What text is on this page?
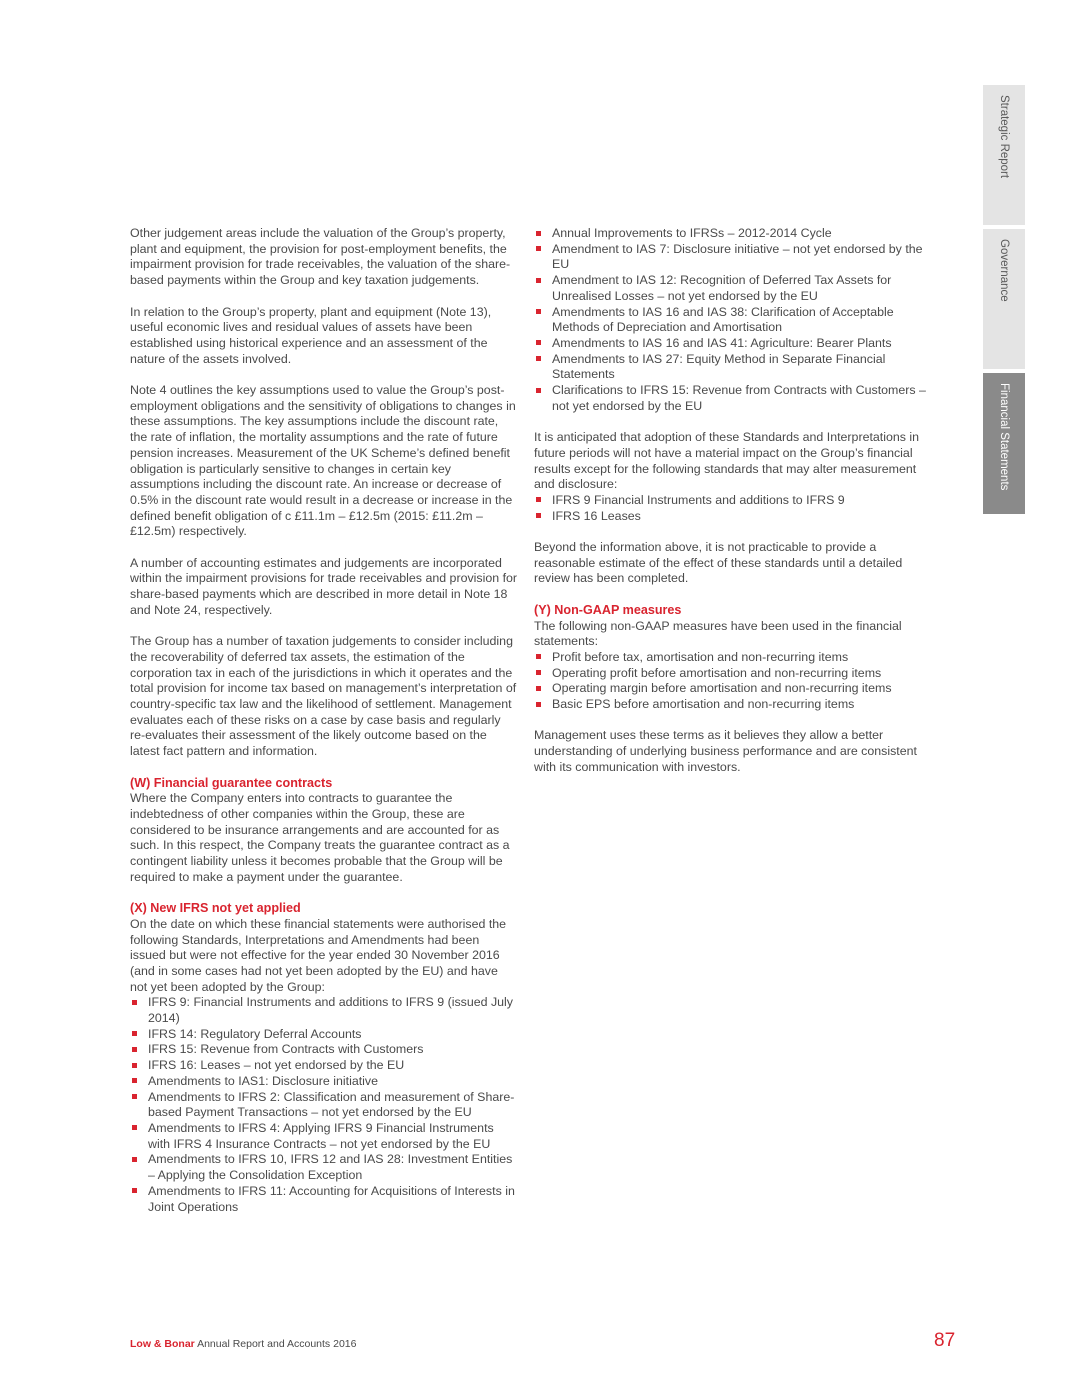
Strategic Report
Governance
Financial Statements

Other judgement areas include the valuation of the Group’s property, plant and equipment, the provision for post-employment benefits, the impairment provision for trade receivables, the valuation of the share-based payments within the Group and key taxation judgements.

In relation to the Group’s property, plant and equipment (Note 13), useful economic lives and residual values of assets have been established using historical experience and an assessment of the nature of the assets involved.

Note 4 outlines the key assumptions used to value the Group’s post-employment obligations and the sensitivity of obligations to changes in these assumptions. The key assumptions include the discount rate, the rate of inflation, the mortality assumptions and the rate of future pension increases. Measurement of the UK Scheme’s defined benefit obligation is particularly sensitive to changes in certain key assumptions including the discount rate. An increase or decrease of 0.5% in the discount rate would result in a decrease or increase in the defined benefit obligation of c £11.1m – £12.5m (2015: £11.2m – £12.5m) respectively.

A number of accounting estimates and judgements are incorporated within the impairment provisions for trade receivables and provision for share-based payments which are described in more detail in Note 18 and Note 24, respectively.

The Group has a number of taxation judgements to consider including the recoverability of deferred tax assets, the estimation of the corporation tax in each of the jurisdictions in which it operates and the total provision for income tax based on management’s interpretation of country-specific tax law and the likelihood of settlement. Management evaluates each of these risks on a case by case basis and regularly re-evaluates their assessment of the likely outcome based on the latest fact pattern and information.

(W) Financial guarantee contracts

Where the Company enters into contracts to guarantee the indebtedness of other companies within the Group, these are considered to be insurance arrangements and are accounted for as such. In this respect, the Company treats the guarantee contract as a contingent liability unless it becomes probable that the Group will be required to make a payment under the guarantee.

(X) New IFRS not yet applied

On the date on which these financial statements were authorised the following Standards, Interpretations and Amendments had been issued but were not effective for the year ended 30 November 2016 (and in some cases had not yet been adopted by the EU) and have not yet been adopted by the Group:

IFRS 9: Financial Instruments and additions to IFRS 9 (issued July 2014)
IFRS 14: Regulatory Deferral Accounts
IFRS 15: Revenue from Contracts with Customers
IFRS 16: Leases – not yet endorsed by the EU
Amendments to IAS1: Disclosure initiative
Amendments to IFRS 2: Classification and measurement of Share-based Payment Transactions – not yet endorsed by the EU
Amendments to IFRS 4: Applying IFRS 9 Financial Instruments with IFRS 4 Insurance Contracts – not yet endorsed by the EU
Amendments to IFRS 10, IFRS 12 and IAS 28: Investment Entities – Applying the Consolidation Exception
Amendments to IFRS 11: Accounting for Acquisitions of Interests in Joint Operations
Annual Improvements to IFRSs – 2012-2014 Cycle
Amendment to IAS 7: Disclosure initiative – not yet endorsed by the EU
Amendment to IAS 12: Recognition of Deferred Tax Assets for Unrealised Losses – not yet endorsed by the EU
Amendments to IAS 16 and IAS 38: Clarification of Acceptable Methods of Depreciation and Amortisation
Amendments to IAS 16 and IAS 41: Agriculture: Bearer Plants
Amendments to IAS 27: Equity Method in Separate Financial Statements
Clarifications to IFRS 15: Revenue from Contracts with Customers – not yet endorsed by the EU

It is anticipated that adoption of these Standards and Interpretations in future periods will not have a material impact on the Group’s financial results except for the following standards that may alter measurement and disclosure:

IFRS 9 Financial Instruments and additions to IFRS 9
IFRS 16 Leases

Beyond the information above, it is not practicable to provide a reasonable estimate of the effect of these standards until a detailed review has been completed.

(Y) Non-GAAP measures

The following non-GAAP measures have been used in the financial statements:

Profit before tax, amortisation and non-recurring items
Operating profit before amortisation and non-recurring items
Operating margin before amortisation and non-recurring items
Basic EPS before amortisation and non-recurring items

Management uses these terms as it believes they allow a better understanding of underlying business performance and are consistent with its communication with investors.

Low & Bonar Annual Report and Accounts 2016	87
